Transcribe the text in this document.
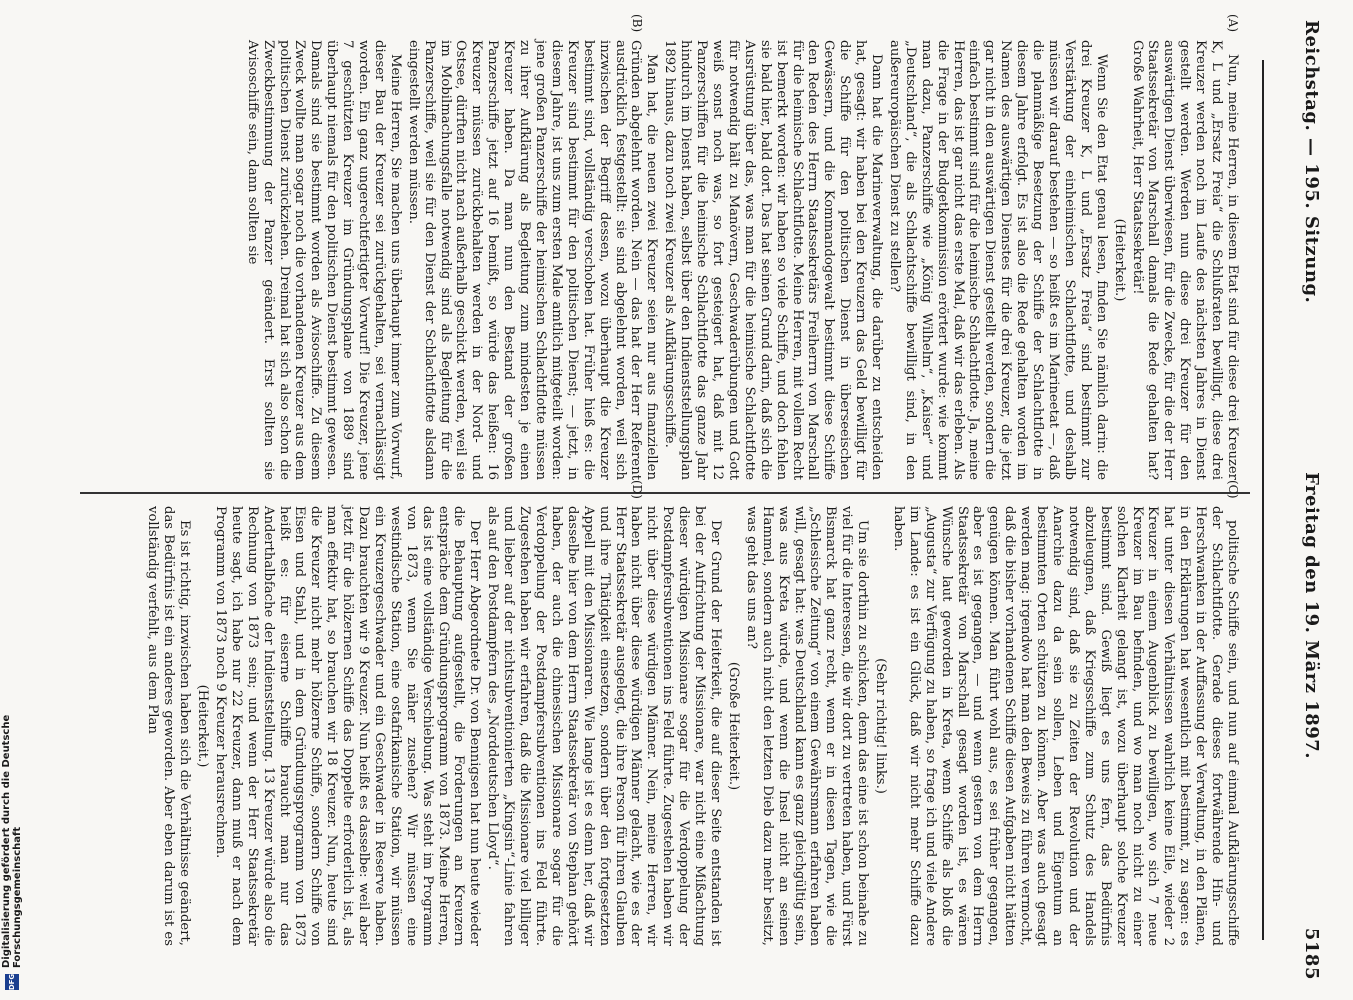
Reichstag. — 195. Sitzung.
Freitag den 19. März 1897.
5185
(A)

Nun, meine Herren, in diesem Etat sind für diese drei Kreuzer K, L und „Ersatz Freia“ die Schlußraten bewilligt, diese drei Kreuzer werden noch im Laufe des nächsten Jahres in Dienst gestellt werden. Werden nun diese drei Kreuzer für den auswärtigen Dienst überwiesen, für die Zwecke, für die der Herr Staatssekretär von Marschall damals die Rede gehalten hat? Große Wahrheit, Herr Staatssekretär!

(Heiterkeit.)

Wenn Sie den Etat genau lesen, finden Sie nämlich darin: die drei Kreuzer K, L und „Ersatz Freia“ sind bestimmt zur Verstärkung der einheimischen Schlachtflotte, und deshalb müssen wir darauf bestehen — so heißt es im Marineetat —, daß die planmäßige Besetzung der Schiffe der Schlachtflotte in diesem Jahre erfolgt. Es ist also die Rede gehalten worden im Namen des auswärtigen Dienstes für die drei Kreuzer, die jetzt gar nicht in den auswärtigen Dienst gestellt werden, sondern die einfach bestimmt sind für die heimische Schlachtflotte. Ja, meine Herren, das ist gar nicht das erste Mal, daß wir das erleben. Als die Frage in der Budgetkommission erörtert wurde: wie kommt man dazu, Panzerschiffe wie „König Wilhelm“, „Kaiser“ und „Deutschland“, die als Schlachtschiffe bewilligt sind, in den außereuropäischen Dienst zu stellen?

(B)

Dann hat die Marineverwaltung, die darüber zu entscheiden hat, gesagt: wir haben bei den Kreuzern das Geld bewilligt für die Schiffe für den politischen Dienst in überseeischen Gewässern, und die Kommandogewalt bestimmt diese Schiffe den Reden des Herrn Staatssekretärs Freiherrn von Marschall für die heimische Schlachtflotte. Meine Herren, mit vollem Recht ist bemerkt worden: wir haben so viele Schiffe, und doch fehlen sie bald hier, bald dort. Das hat seinen Grund darin, daß sich die Ausrüstung über das, was man für die heimische Schlachtflotte für notwendig hält zu Manövern, Geschwaderübungen und Gott weiß sonst noch was, so fort gesteigert hat, daß mit 12 Panzerschiffen für die heimische Schlachtflotte das ganze Jahr hindurch im Dienst haben, selbst über den Indienststellungsplan 1892 hinaus, dazu noch zwei Kreuzer als Aufklärungsschiffe.

Man hat, die neuen zwei Kreuzer seien nur aus finanziellen Gründen abgelehnt worden. Nein — das hat der Herr Referent ausdrücklich festgestellt: sie sind abgelehnt worden, weil sich inzwischen der Begriff dessen, wozu überhaupt die Kreuzer bestimmt sind, vollständig verschoben hat. Früher hieß es: die Kreuzer sind bestimmt für den politischen Dienst; — jetzt, in diesem Jahre, ist uns zum ersten Male amtlich mitgeteilt worden: jene großen Panzerschiffe der heimischen Schlachtflotte müssen zu ihrer Aufklärung als Begleitung zum mindesten je einen Kreuzer haben. Da man nun den Bestand der großen Panzerschiffe jetzt auf 16 bemißt, so würde das heißen: 16 Kreuzer müssen zurückbehalten werden in der Nord- und Ostsee, dürften nicht nach außerhalb geschickt werden, weil sie im Mobilmachungsfalle notwendig sind als Begleitung für die Panzerschiffe, weil sie für den Dienst der Schlachtflotte alsdann eingestellt werden müssen.

Meine Herren, Sie machen uns überhaupt immer zum Vorwurf, dieser Bau der Kreuzer sei zurückgehalten, sei vernachlässigt worden. Ein ganz ungerechtfertigter Vorwurf! Die Kreuzer, jene 7 geschützten Kreuzer im Gründungsplane von 1889 sind überhaupt niemals für den politischen Dienst bestimmt gewesen. Damals sind sie bestimmt worden als Avisoschiffe. Zu diesem Zweck wollte man sogar noch die vorhandenen Kreuzer aus dem politischen Dienst zurückziehen. Dreimal hat sich also schon die Zweckbestimmung der Panzer geändert. Erst sollten sie Avisoschiffe sein, dann sollten sie

(C)

politische Schiffe sein, und nun auf einmal Aufklärungsschiffe der Schlachtflotte. Gerade dieses fortwährende Hin- und Herschwanken in der Auffassung der Verwaltung, in den Plänen, in den Erklärungen hat wesentlich mit bestimmt, zu sagen: es hat unter diesen Verhältnissen wahrlich keine Eile, wieder 2 Kreuzer in einem Augenblick zu bewilligen, wo sich 7 neue Kreuzer im Bau befinden, und wo man noch nicht zu einer solchen Klarheit gelangt ist, wozu überhaupt solche Kreuzer bestimmt sind. Gewiß liegt es uns fern, das Bedürfnis abzuleugnen, daß Kriegsschiffe zum Schutz des Handels notwendig sind, daß sie zu Zeiten der Revolution und der Anarchie dazu da sein sollen, Leben und Eigentum an bestimmten Orten schützen zu können. Aber was auch gesagt werden mag: irgendwo hat man den Beweis zu führen vermocht, daß die bisher vorhandenen Schiffe diesen Aufgaben nicht hätten genügen können. Man führt wohl aus, es sei früher gegangen, aber es ist gegangen, — und wenn gestern von dem Herrn Staatssekretär von Marschall gesagt worden ist, es wären Wünsche laut geworden in Kreta, wenn Schiffe als bloß die „Augusta“ zur Verfügung zu haben, so frage ich und viele Andere im Lande: es ist ein Glück, daß wir nicht mehr Schiffe dazu haben.

(Sehr richtig! links.)

Um sie dorthin zu schicken, denn das eine ist schon beinahe zu viel für die Interessen, die wir dort zu vertreten haben, und Fürst Bismarck hat ganz recht, wenn er in diesen Tagen, wie die „Schlesische Zeitung“ von einem Gewährsmann erfahren haben will, gesagt hat: was Deutschland kann es ganz gleichgültig sein, was aus Kreta würde, und wenn die Insel nicht an seinen Hammel, sondern auch nicht den letzten Dieb dazu mehr besitzt, was geht das uns an?

(Große Heiterkeit.)

(D)

Der Grund der Heiterkeit, die auf dieser Seite entstanden ist bei der Aufrichtung der Missionare, war nicht eine Mißachtung dieser würdigen Missionare sogar für die Verdoppelung der Postdampfersubventionen ins Feld führte. Zugestehen haben wir nicht über diese würdigen Männer. Nein, meine Herren, wir haben nicht über diese würdigen Männer gelacht, wie es der Herr Staatssekretär ausgelegt, die ihre Person für ihren Glauben und ihre Thätigkeit einsetzen, sondern über den fortgesetzten Appell mit den Missionaren. Wie lange ist es denn her, daß wir dasselbe hier von dem Herrn Staatssekretär von Stephan gehört haben, der auch die chinesischen Missionare sogar für die Verdoppelung der Postdampfersubventionen ins Feld führte. Zugestehen haben wir erfahren, daß die Missionare viel billiger und lieber auf der nichtsubventionierten „Kingsin“-Linie fahren als auf den Postdampfern des „Norddeutschen Lloyd“.

Der Herr Abgeordnete Dr. von Bennigsen hat nun heute wieder die Behauptung aufgestellt, die Forderungen an Kreuzern entspräche dem Gründungsprogramm von 1873. Meine Herren, das ist eine vollständige Verschiebung. Was steht im Programm von 1873, wenn Sie näher zusehen? Wir müssen eine westindische Station, eine ostafrikanische Station, wir müssen ein Kreuzergeschwader und ein Geschwader in Reserve haben. Dazu brauchten wir 9 Kreuzer. Nun heißt es dasselbe: weil aber jetzt für die hölzernen Schiffe das Doppelte erforderlich ist, als man effektiv hat, so brauchen wir 18 Kreuzer. Nun, heute sind die Kreuzer nicht mehr hölzerne Schiffe, sondern Schiffe von Eisen und Stahl, und in dem Gründungsprogramm von 1873 heißt es: für eiserne Schiffe braucht man nur das Anderthalbfache der Indienststellung. 13 Kreuzer würde also die Rechnung von 1873 sein; und wenn der Herr Staatssekretär heute sagt, ich habe nur 22 Kreuzer, dann muß er nach dem Programm von 1873 noch 9 Kreuzer herausrechnen.

(Heiterkeit.)

Es ist richtig, inzwischen haben sich die Verhältnisse geändert, das Bedürfnis ist ein anderes geworden. Aber eben darum ist es vollständig verfehlt, aus dem Plan

DFG
Digitalisierung gefördert durch die Deutsche Forschungsgemeinschaft
